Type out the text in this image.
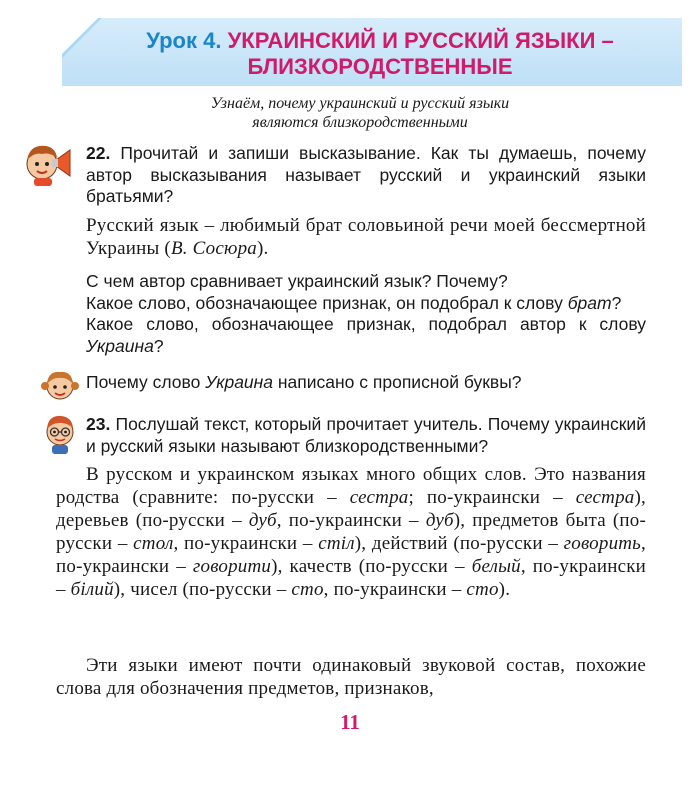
Урок 4. УКРАИНСКИЙ И РУССКИЙ ЯЗЫКИ –
БЛИЗКОРОДСТВЕННЫЕ
Узнаём, почему украинский и русский языки
являются близкородственными
22. Прочитай и запиши высказывание. Как ты думаешь, почему автор высказывания называет русский и украинский языки братьями?
Русский язык – любимый брат соловьиной речи моей бессмертной Украины (В. Сосюра).
С чем автор сравнивает украинский язык? Почему?
Какое слово, обозначающее признак, он подобрал к слову брат?

Какое слово, обозначающее признак, подобрал автор к слову Украина?
Почему слово Украина написано с прописной буквы?
23. Послушай текст, который прочитает учитель. Почему украинский и русский языки называют близкородственными?
В русском и украинском языках много общих слов. Это названия родства (сравните: по-русски – сестра; по-украински – сестра), деревьев (по-русски – дуб, по-украински – дуб), предметов быта (по-русски – стол, по-украински – стіл), действий (по-русски – говорить, по-украински – говорити), качеств (по-русски – белый, по-украински – білий), чисел (по-русски – сто, по-украински – сто).
Эти языки имеют почти одинаковый звуковой состав, похожие слова для обозначения предметов, признаков,
11
